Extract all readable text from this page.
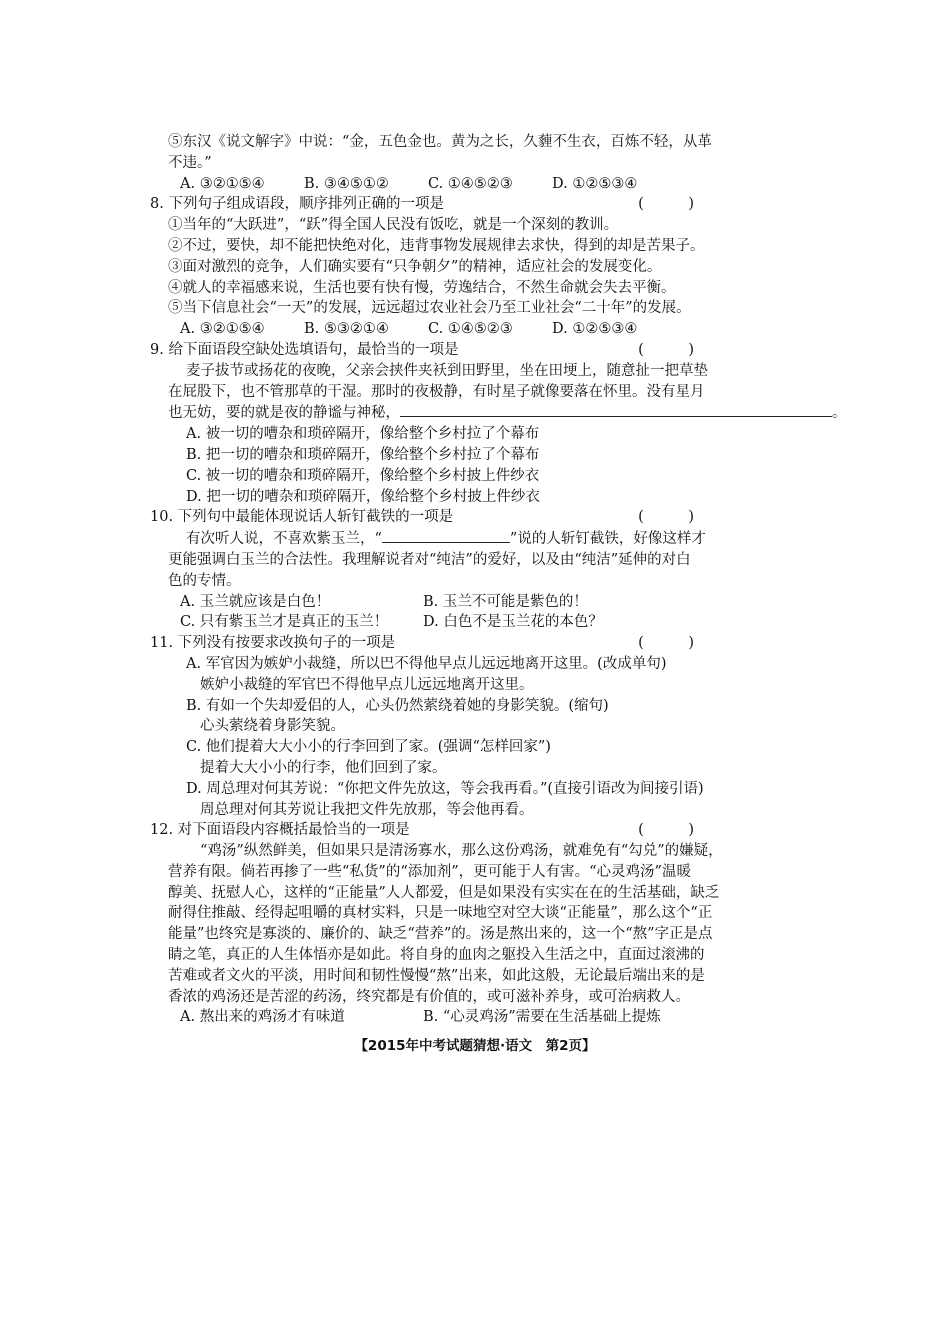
⑤东汉《说文解字》中说：“金，五色金也。黄为之长，久薶不生衣，百炼不轻，从革
不违。”
A. ③②①⑤④	B. ③④⑤①②	C. ①④⑤②③	D. ①②⑤③④
8. 下列句子组成语段，顺序排列正确的一项是	( )
①当年的“大跃进”，“跃”得全国人民没有饭吃，就是一个深刻的教训。
②不过，要快，却不能把快绝对化，违背事物发展规律去求快，得到的却是苦果子。
③面对激烈的竞争，人们确实要有“只争朝夕”的精神，适应社会的发展变化。
④就人的幸福感来说，生活也要有快有慢，劳逸结合，不然生命就会失去平衡。
⑤当下信息社会“一天”的发展，远远超过农业社会乃至工业社会“二十年”的发展。
A. ③②①⑤④	B. ⑤③②①④	C. ①④⑤②③	D. ①②⑤③④
9. 给下面语段空缺处选填语句，最恰当的一项是	( )
麦子拔节或扬花的夜晚，父亲会挟件夹袄到田野里，坐在田埂上，随意扯一把草垫
在屁股下，也不管那草的干湿。那时的夜极静，有时星子就像要落在怀里。没有星月
也无妨，要的就是夜的静谧与神秘，	。
A. 被一切的嘈杂和琐碎隔开，像给整个乡村拉了个幕布
B. 把一切的嘈杂和琐碎隔开，像给整个乡村拉了个幕布
C. 被一切的嘈杂和琐碎隔开，像给整个乡村披上件纱衣
D. 把一切的嘈杂和琐碎隔开，像给整个乡村披上件纱衣
10. 下列句中最能体现说话人斩钉截铁的一项是	( )
有次听人说，不喜欢紫玉兰，“	”说的人斩钉截铁，好像这样才
更能强调白玉兰的合法性。我理解说者对“纯洁”的爱好，以及由“纯洁”延伸的对白
色的专情。
A. 玉兰就应该是白色！	B. 玉兰不可能是紫色的！
C. 只有紫玉兰才是真正的玉兰！	D. 白色不是玉兰花的本色？
11. 下列没有按要求改换句子的一项是	( )
A. 军官因为嫉妒小裁缝，所以巴不得他早点儿远远地离开这里。(改成单句)
嫉妒小裁缝的军官巴不得他早点儿远远地离开这里。
B. 有如一个失却爱侣的人，心头仍然萦绕着她的身影笑貌。(缩句)
心头萦绕着身影笑貌。
C. 他们提着大大小小的行李回到了家。(强调“怎样回家”)
提着大大小小的行李，他们回到了家。
D. 周总理对何其芳说：“你把文件先放这，等会我再看。”(直接引语改为间接引语)
周总理对何其芳说让我把文件先放那，等会他再看。
12. 对下面语段内容概括最恰当的一项是	( )
“鸡汤”纵然鲜美，但如果只是清汤寡水，那么这份鸡汤，就难免有“勾兑”的嫌疑，
营养有限。倘若再掺了一些“私货”的“添加剂”，更可能于人有害。“心灵鸡汤”温暖
醇美、抚慰人心，这样的“正能量”人人都爱，但是如果没有实实在在的生活基础，缺乏
耐得住推敲、经得起咀嚼的真材实料，只是一味地空对空大谈“正能量”，那么这个“正
能量”也终究是寡淡的、廉价的、缺乏“营养”的。汤是熬出来的，这一个“熬”字正是点
睛之笔，真正的人生体悟亦是如此。将自身的血肉之躯投入生活之中，直面过滚沸的
苦难或者文火的平淡，用时间和韧性慢慢“熬”出来，如此这般，无论最后端出来的是
香浓的鸡汤还是苦涩的药汤，终究都是有价值的，或可滋补养身，或可治病救人。
A. 熬出来的鸡汤才有味道	B. “心灵鸡汤”需要在生活基础上提炼
【2015年中考试题猜想·语文　第2页】
